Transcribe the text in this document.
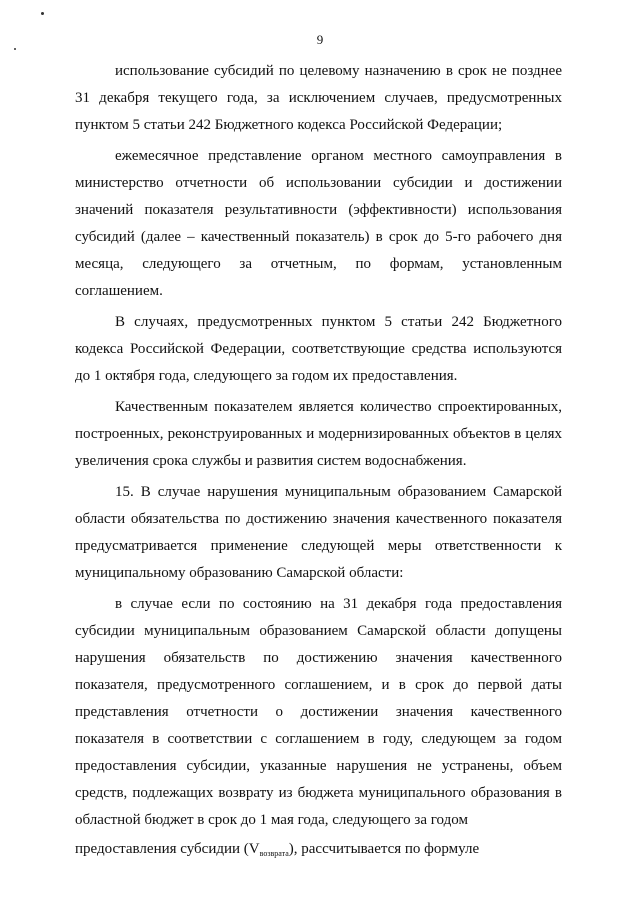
9

использование субсидий по целевому назначению в срок не позднее 31 декабря текущего года, за исключением случаев, предусмотренных пунктом 5 статьи 242 Бюджетного кодекса Российской Федерации;

ежемесячное представление органом местного самоуправления в министерство отчетности об использовании субсидии и достижении значений показателя результативности (эффективности) использования субсидий (далее – качественный показатель) в срок до 5-го рабочего дня месяца, следующего за отчетным, по формам, установленным соглашением.

В случаях, предусмотренных пунктом 5 статьи 242 Бюджетного кодекса Российской Федерации, соответствующие средства используются до 1 октября года, следующего за годом их предоставления.

Качественным показателем является количество спроектированных, построенных, реконструированных и модернизированных объектов в целях увеличения срока службы и развития систем водоснабжения.

15. В случае нарушения муниципальным образованием Самарской области обязательства по достижению значения качественного показателя предусматривается применение следующей меры ответственности к муниципальному образованию Самарской области:

в случае если по состоянию на 31 декабря года предоставления субсидии муниципальным образованием Самарской области допущены нарушения обязательств по достижению значения качественного показателя, предусмотренного соглашением, и в срок до первой даты представления отчетности о достижении значения качественного показателя в соответствии с соглашением в году, следующем за годом предоставления субсидии, указанные нарушения не устранены, объем средств, подлежащих возврату из бюджета муниципального образования в областной бюджет в срок до 1 мая года, следующего за годом

предоставления субсидии $(V_{возврата})$, рассчитывается по формуле
